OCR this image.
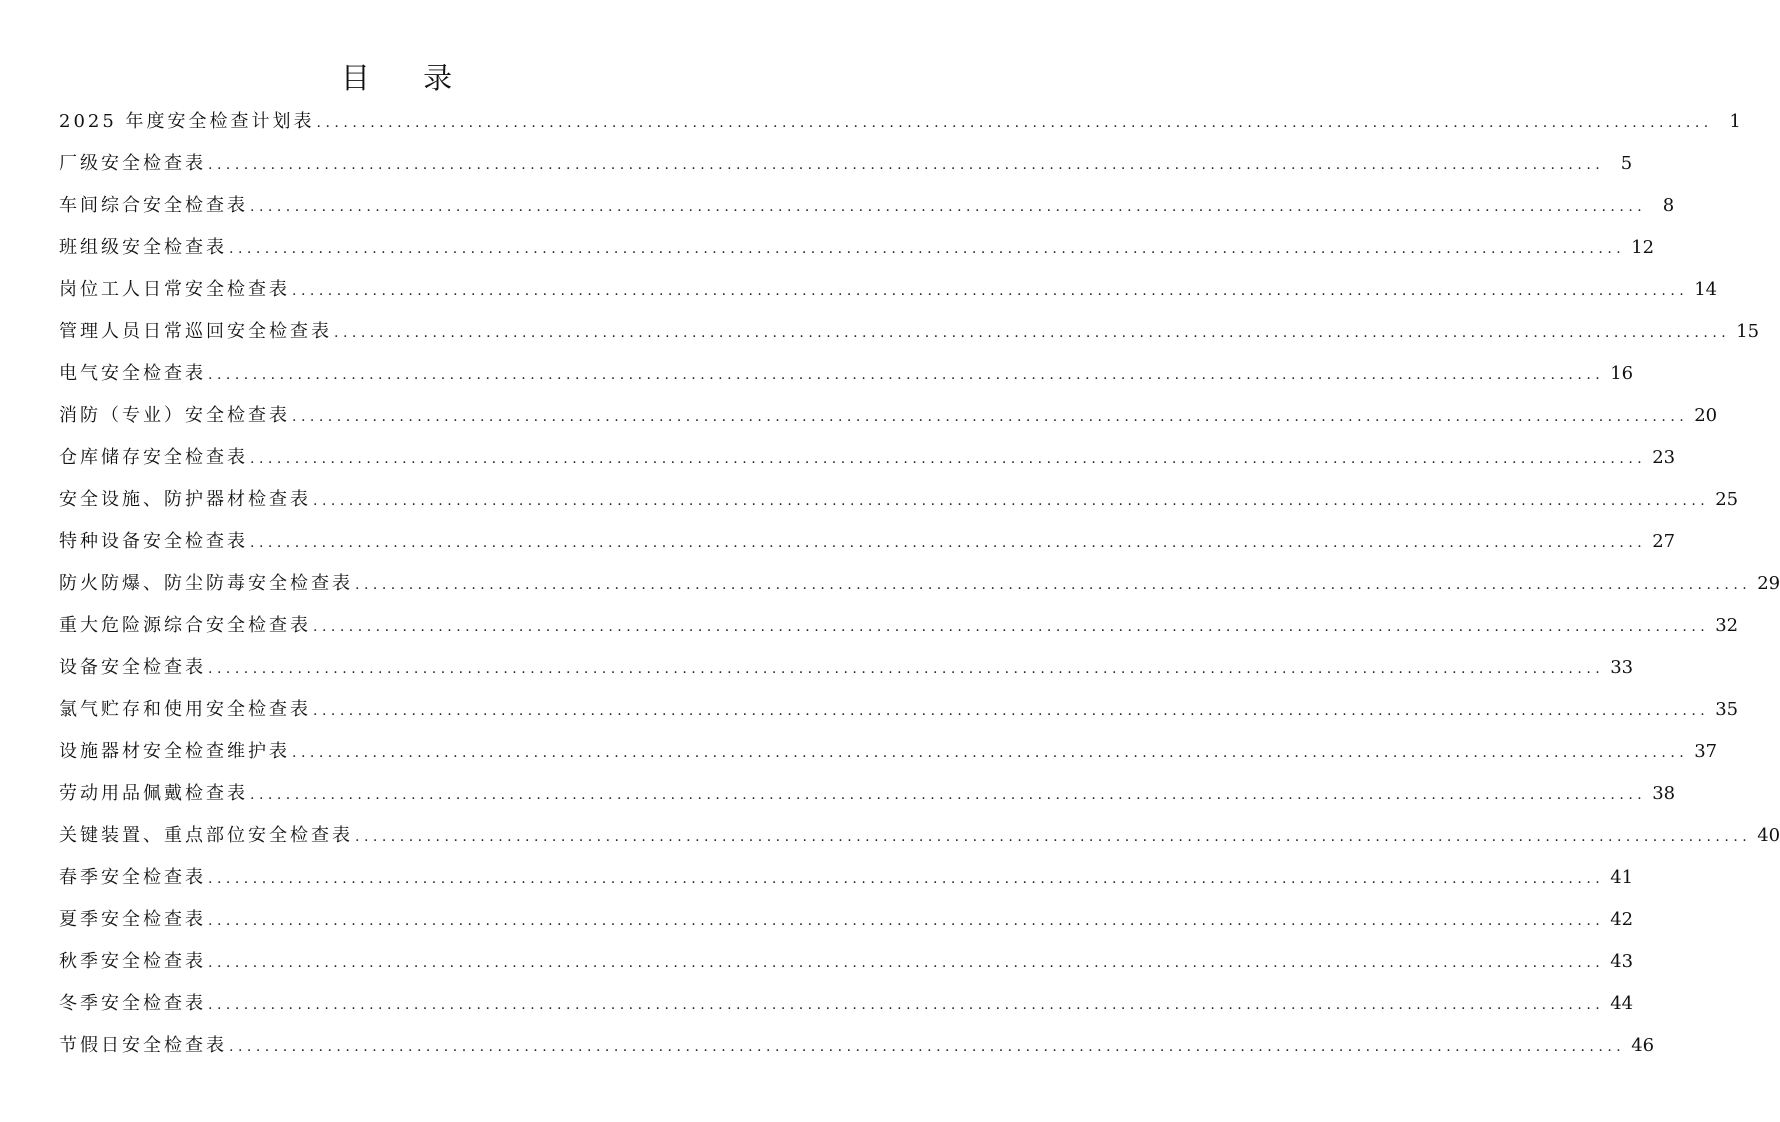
目 录
2025 年度安全检查计划表 ............................................................................................................................................................ 1
厂级安全检查表 ............................................................................................................................................................ 5
车间综合安全检查表 ............................................................................................................................................................ 8
班组级安全检查表 ............................................................................................................................................................ 12
岗位工人日常安全检查表 ............................................................................................................................................................ 14
管理人员日常巡回安全检查表 ............................................................................................................................................................ 15
电气安全检查表 ............................................................................................................................................................ 16
消防（专业）安全检查表 ............................................................................................................................................................ 20
仓库储存安全检查表 ............................................................................................................................................................ 23
安全设施、防护器材检查表 ............................................................................................................................................................ 25
特种设备安全检查表 ............................................................................................................................................................ 27
防火防爆、防尘防毒安全检查表 ............................................................................................................................................................ 29
重大危险源综合安全检查表 ............................................................................................................................................................ 32
设备安全检查表 ............................................................................................................................................................ 33
氯气贮存和使用安全检查表 ............................................................................................................................................................ 35
设施器材安全检查维护表 ............................................................................................................................................................ 37
劳动用品佩戴检查表 ............................................................................................................................................................ 38
关键装置、重点部位安全检查表 ............................................................................................................................................................ 40
春季安全检查表 ............................................................................................................................................................ 41
夏季安全检查表 ............................................................................................................................................................ 42
秋季安全检查表 ............................................................................................................................................................ 43
冬季安全检查表 ............................................................................................................................................................ 44
节假日安全检查表 ............................................................................................................................................................ 46
